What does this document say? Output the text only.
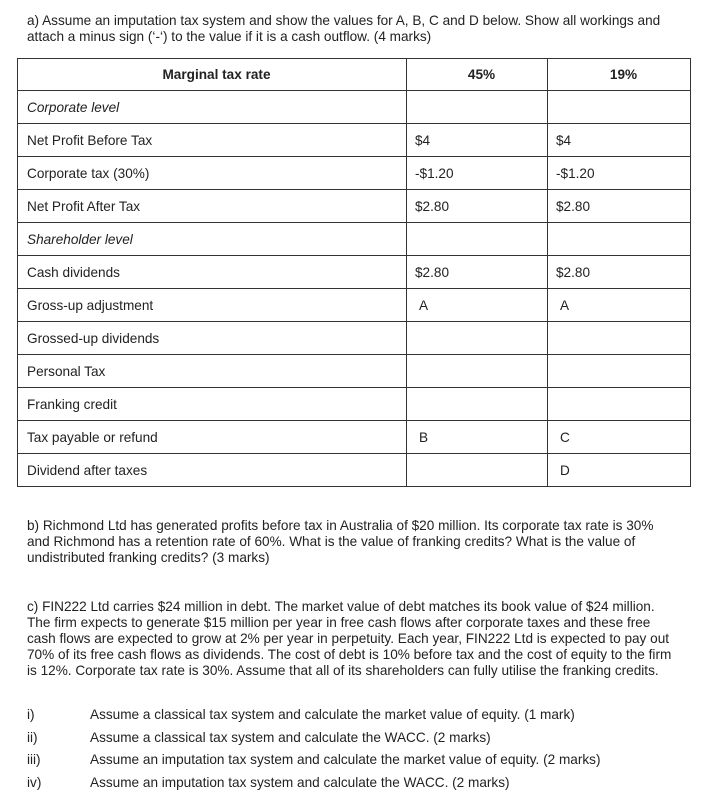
a) Assume an imputation tax system and show the values for A, B, C and D below. Show all workings and attach a minus sign (‘-‘) to the value if it is a cash outflow. (4 marks)

Marginal tax rate	45%	19%
Corporate level		
Net Profit Before Tax	$4	$4
Corporate tax (30%)	-$1.20	-$1.20
Net Profit After Tax	$2.80	$2.80
Shareholder level		
Cash dividends	$2.80	$2.80
Gross-up adjustment	A	A
Grossed-up dividends		
Personal Tax		
Franking credit		
Tax payable or refund	B	C
Dividend after taxes		D

b) Richmond Ltd has generated profits before tax in Australia of $20 million. Its corporate tax rate is 30% and Richmond has a retention rate of 60%. What is the value of franking credits? What is the value of undistributed franking credits? (3 marks)

c) FIN222 Ltd carries $24 million in debt. The market value of debt matches its book value of $24 million. The firm expects to generate $15 million per year in free cash flows after corporate taxes and these free cash flows are expected to grow at 2% per year in perpetuity. Each year, FIN222 Ltd is expected to pay out 70% of its free cash flows as dividends. The cost of debt is 10% before tax and the cost of equity to the firm is 12%. Corporate tax rate is 30%. Assume that all of its shareholders can fully utilise the franking credits.

i)	Assume a classical tax system and calculate the market value of equity. (1 mark)
ii)	Assume a classical tax system and calculate the WACC. (2 marks)
iii)	Assume an imputation tax system and calculate the market value of equity. (2 marks)
iv)	Assume an imputation tax system and calculate the WACC. (2 marks)
